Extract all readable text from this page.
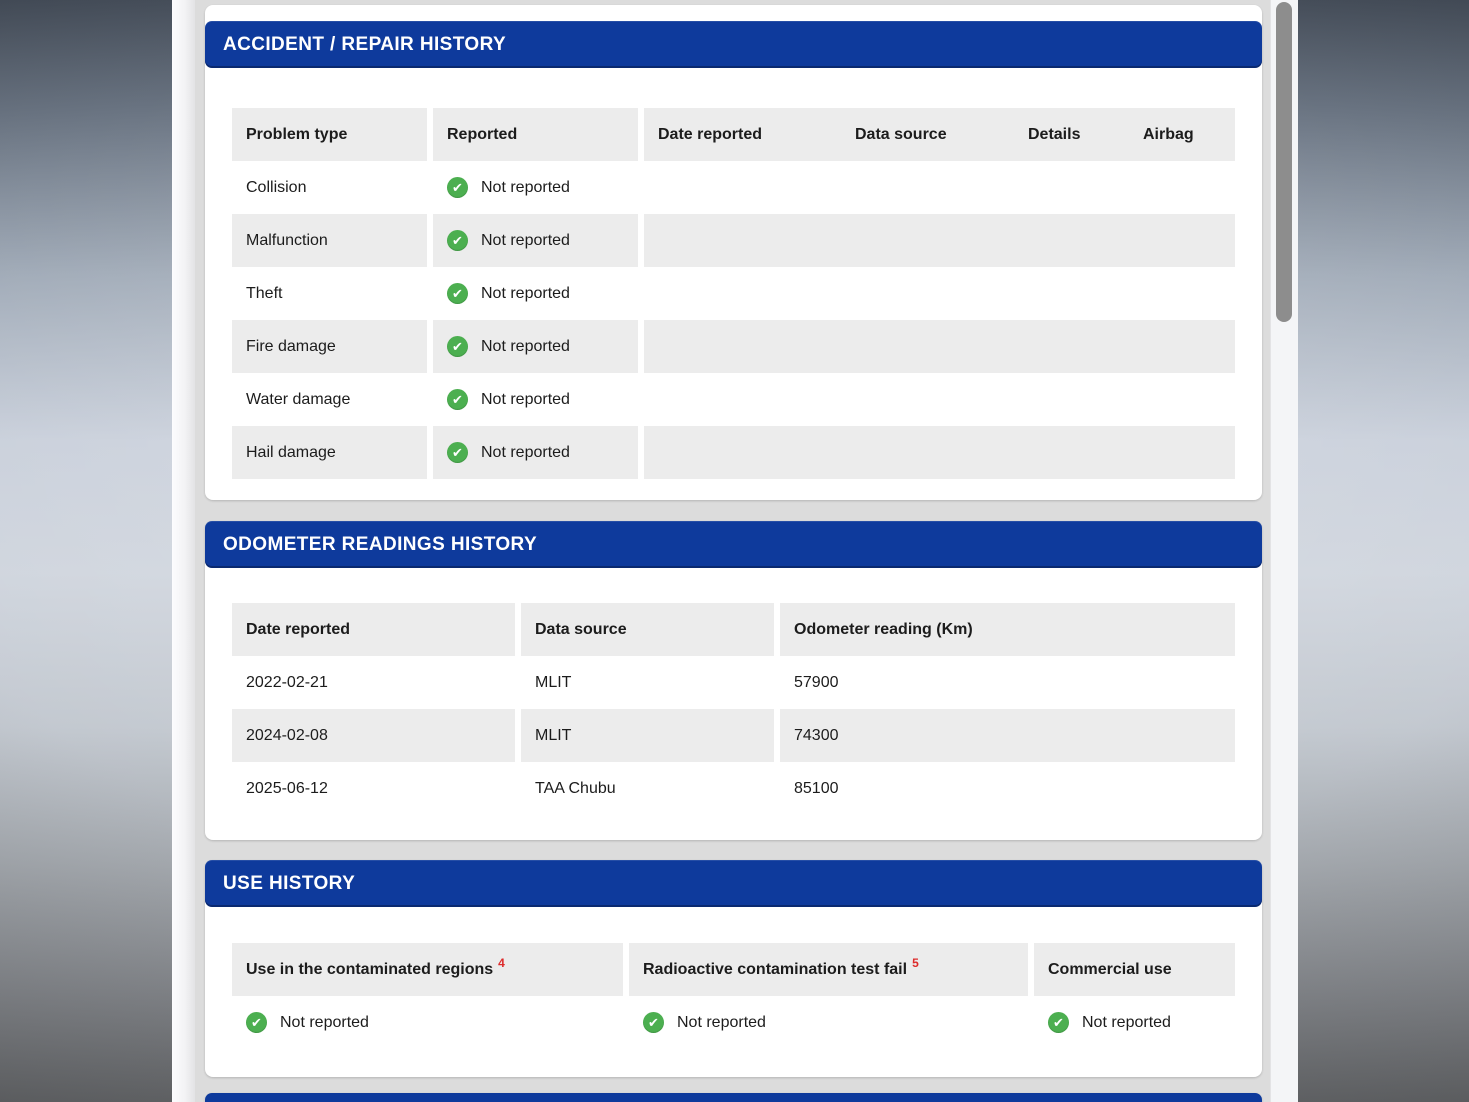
ACCIDENT / REPAIR HISTORY
Problem type	Reported	Date reported	Data source	Details	Airbag
Collision ✔	Not reported
Malfunction ✔	Not reported
Theft ✔	Not reported
Fire damage ✔	Not reported
Water damage ✔	Not reported
Hail damage ✔	Not reported
ODOMETER READINGS HISTORY
Date reported	Data source	Odometer reading (Km)
2022-02-21	MLIT	57900
2024-02-08	MLIT	74300
2025-06-12	TAA Chubu	85100
USE HISTORY
Use in the contaminated regions 4	Radioactive contamination test fail 5	Commercial use
✔
Not reported ✔	Not reported ✔	Not reported
